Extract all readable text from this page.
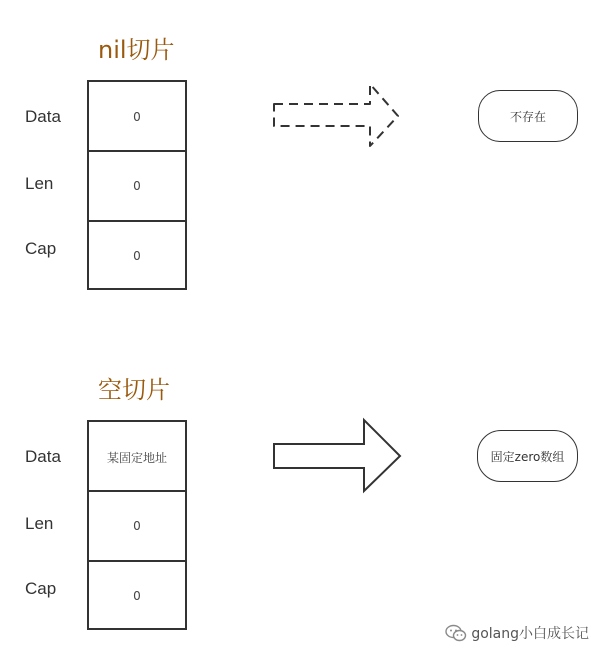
nil切片
Data
Len
Cap
0
0
0
不存在
空切片
Data
Len
Cap
某固定地址
0
0
固定zero数组
golang小白成长记
